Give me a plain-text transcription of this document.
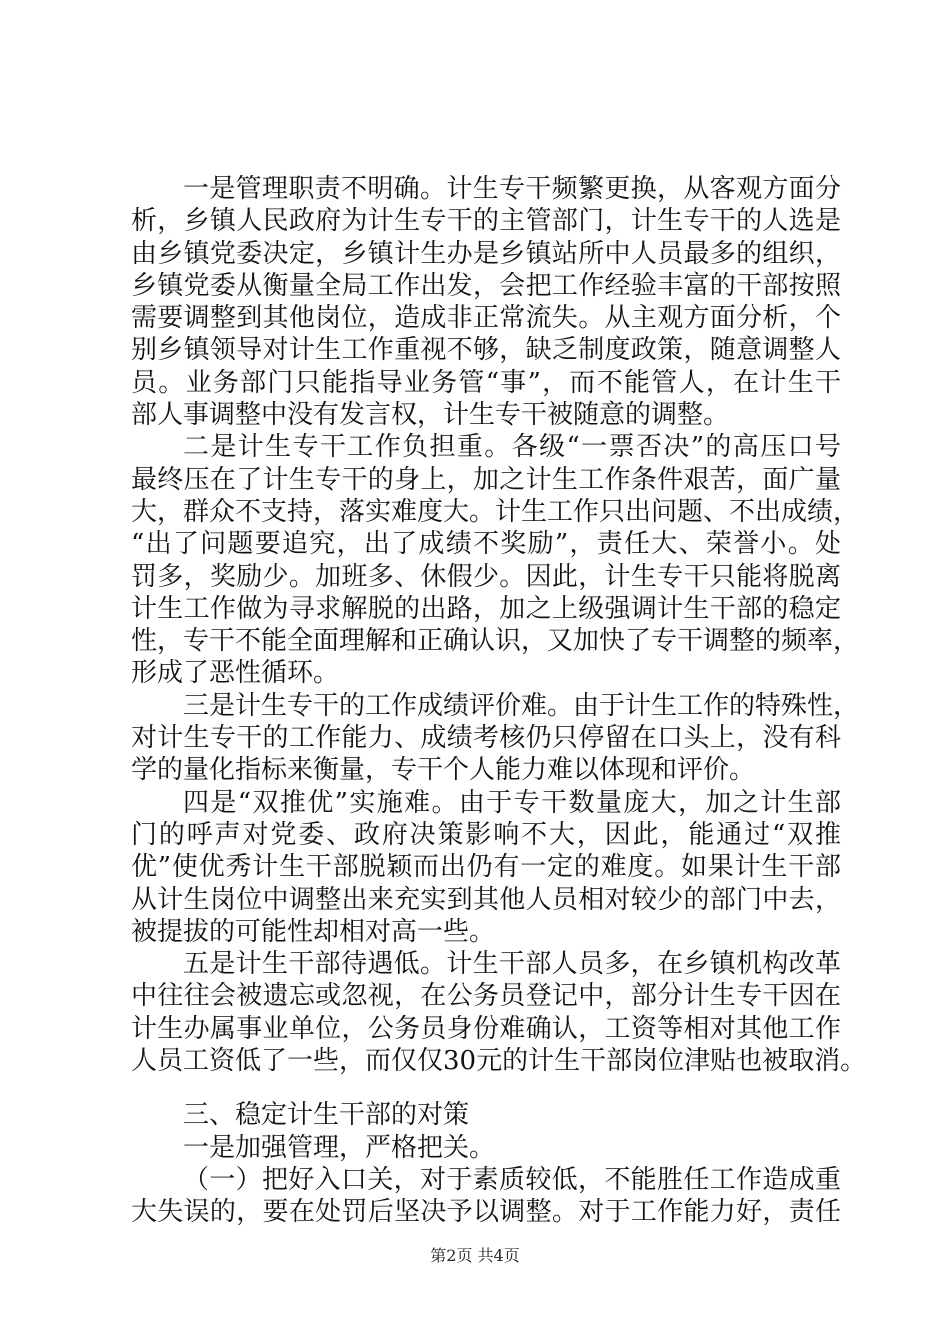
一是管理职责不明确。计生专干频繁更换，从客观方面分
析，乡镇人民政府为计生专干的主管部门，计生专干的人选是
由乡镇党委决定，乡镇计生办是乡镇站所中人员最多的组织，
乡镇党委从衡量全局工作出发，会把工作经验丰富的干部按照
需要调整到其他岗位，造成非正常流失。从主观方面分析，个
别乡镇领导对计生工作重视不够，缺乏制度政策，随意调整人
员。业务部门只能指导业务管“事”，而不能管人，在计生干
部人事调整中没有发言权，计生专干被随意的调整。
二是计生专干工作负担重。各级“一票否决”的高压口号
最终压在了计生专干的身上，加之计生工作条件艰苦，面广量
大，群众不支持，落实难度大。计生工作只出问题、不出成绩，
“出了问题要追究，出了成绩不奖励”，责任大、荣誉小。处
罚多，奖励少。加班多、休假少。因此，计生专干只能将脱离
计生工作做为寻求解脱的出路，加之上级强调计生干部的稳定
性，专干不能全面理解和正确认识，又加快了专干调整的频率，
形成了恶性循环。
三是计生专干的工作成绩评价难。由于计生工作的特殊性，
对计生专干的工作能力、成绩考核仍只停留在口头上，没有科
学的量化指标来衡量，专干个人能力难以体现和评价。
四是“双推优”实施难。由于专干数量庞大，加之计生部
门的呼声对党委、政府决策影响不大，因此，能通过“双推
优”使优秀计生干部脱颖而出仍有一定的难度。如果计生干部
从计生岗位中调整出来充实到其他人员相对较少的部门中去，
被提拔的可能性却相对高一些。
五是计生干部待遇低。计生干部人员多，在乡镇机构改革
中往往会被遗忘或忽视，在公务员登记中，部分计生专干因在
计生办属事业单位，公务员身份难确认，工资等相对其他工作
人员工资低了一些，而仅仅30元的计生干部岗位津贴也被取消。
三、稳定计生干部的对策
一是加强管理，严格把关。
（一）把好入口关，对于素质较低，不能胜任工作造成重
大失误的，要在处罚后坚决予以调整。对于工作能力好，责任
第2页 共4页
